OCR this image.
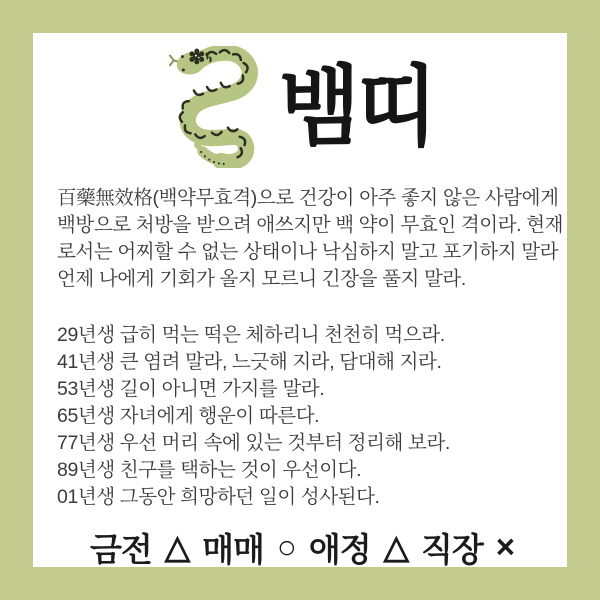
뱀띠
百藥無效格(백약무효격)으로 건강이 아주 좋지 않은 사람에게
백방으로 처방을 받으려 애쓰지만 백 약이 무효인 격이라. 현재
로서는 어찌할 수 없는 상태이나 낙심하지 말고 포기하지 말라
언제 나에게 기회가 올지 모르니 긴장을 풀지 말라.
29년생 급히 먹는 떡은 체하리니 천천히 먹으라.
41년생 큰 염려 말라, 느긋해 지라, 담대해 지라.
53년생 길이 아니면 가지를 말라.
65년생 자녀에게 행운이 따른다.
77년생 우선 머리 속에 있는 것부터 정리해 보라.
89년생 친구를 택하는 것이 우선이다.
01년생 그동안 희망하던 일이 성사된다.
금전 △ 매매 ○ 애정 △ 직장 ×
